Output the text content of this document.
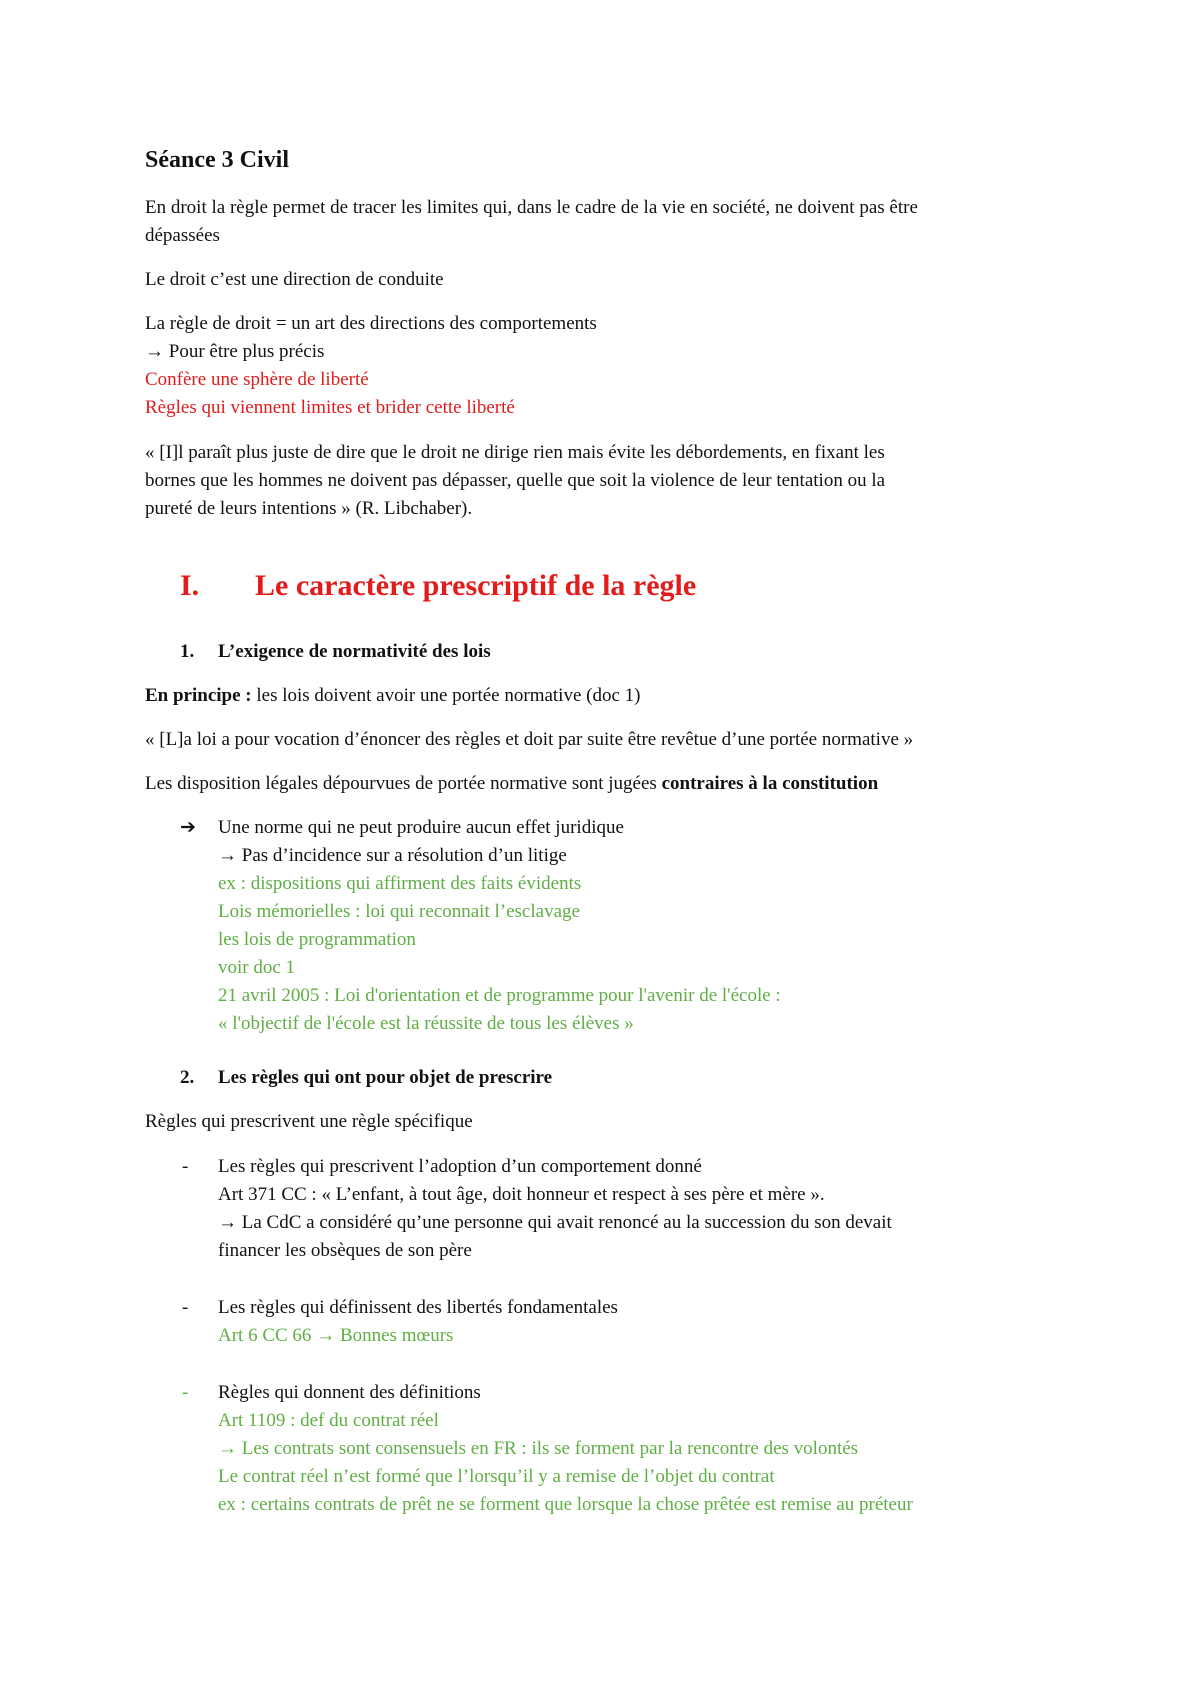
Séance 3 Civil
En droit la règle permet de tracer les limites qui, dans le cadre de la vie en société, ne doivent pas être
dépassées
Le droit c’est une direction de conduite
La règle de droit = un art des directions des comportements
→ Pour être plus précis
Confère une sphère de liberté
Règles qui viennent limites et brider cette liberté
« [I]l paraît plus juste de dire que le droit ne dirige rien mais évite les débordements, en fixant les
bornes que les hommes ne doivent pas dépasser, quelle que soit la violence de leur tentation ou la
pureté de leurs intentions » (R. Libchaber).
I. Le caractère prescriptif de la règle
1. L’exigence de normativité des lois
En principe : les lois doivent avoir une portée normative (doc 1)
« [L]a loi a pour vocation d’énoncer des règles et doit par suite être revêtue d’une portée normative »
Les disposition légales dépourvues de portée normative sont jugées contraires à la constitution
➔ Une norme qui ne peut produire aucun effet juridique
→ Pas d’incidence sur a résolution d’un litige
ex : dispositions qui affirment des faits évidents
Lois mémorielles : loi qui reconnait l’esclavage
les lois de programmation
voir doc 1
21 avril 2005 : Loi d'orientation et de programme pour l'avenir de l'école :
« l'objectif de l'école est la réussite de tous les élèves »
2. Les règles qui ont pour objet de prescrire
Règles qui prescrivent une règle spécifique
- Les règles qui prescrivent l’adoption d’un comportement donné
Art 371 CC : « L’enfant, à tout âge, doit honneur et respect à ses père et mère ».
→ La CdC a considéré qu’une personne qui avait renoncé au la succession du son devait
financer les obsèques de son père
- Les règles qui définissent des libertés fondamentales
Art 6 CC 66 → Bonnes mœurs
- Règles qui donnent des définitions
Art 1109 : def du contrat réel
→ Les contrats sont consensuels en FR : ils se forment par la rencontre des volontés
Le contrat réel n’est formé que l’lorsqu’il y a remise de l’objet du contrat
ex : certains contrats de prêt ne se forment que lorsque la chose prêtée est remise au préteur
